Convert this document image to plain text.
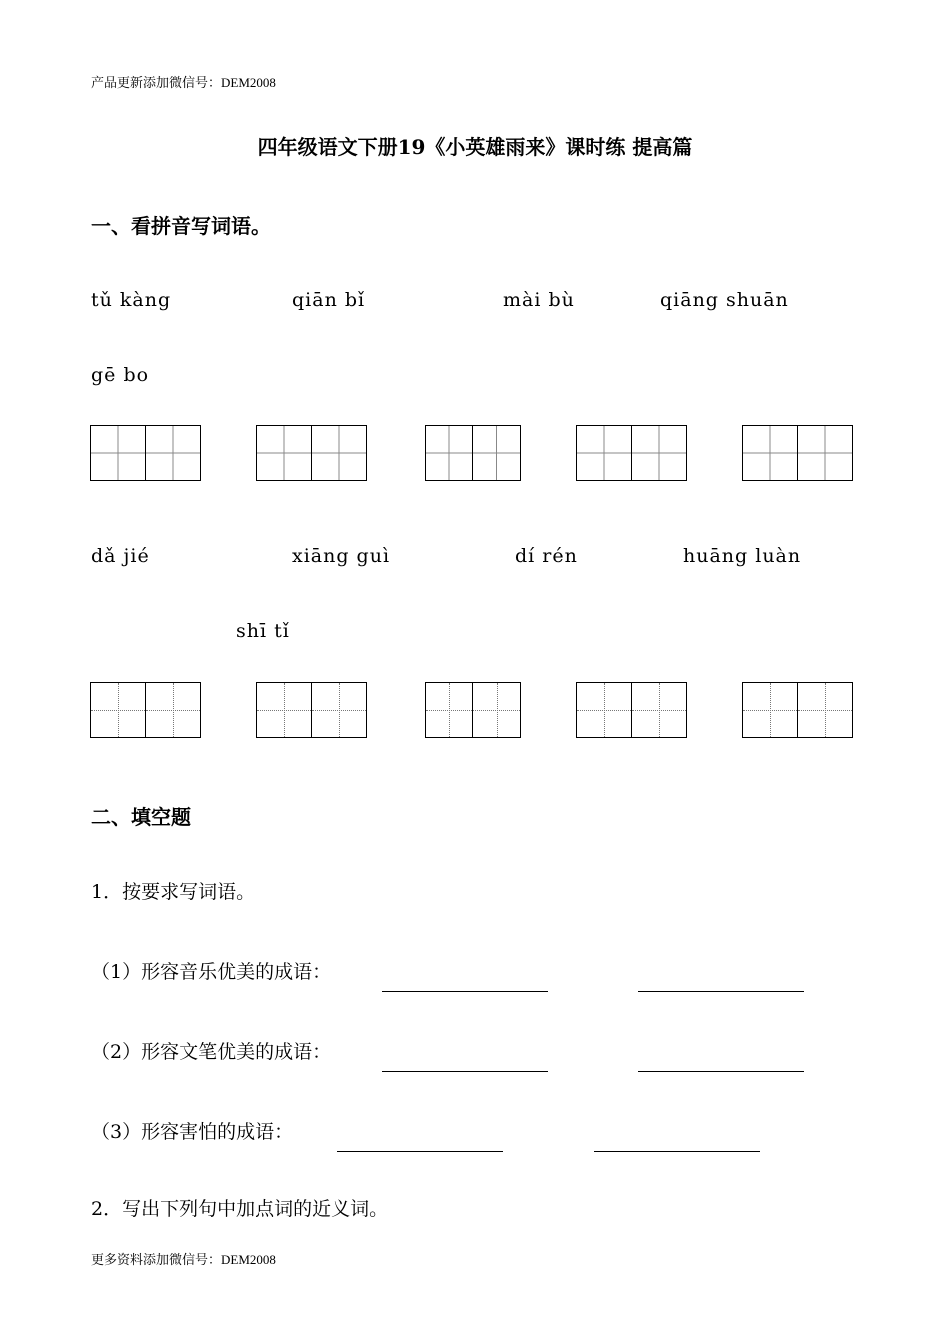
产品更新添加微信号：DEM2008
四年级语文下册19《小英雄雨来》课时练 提高篇
一、看拼音写词语。
tǔ kàng	qiān bǐ	mài bù	qiāng shuān
gē bo
dǎ jié	xiāng guì	dí rén	huāng luàn
shī tǐ
二、填空题
1．按要求写词语。
（1）形容音乐优美的成语：
（2）形容文笔优美的成语：
（3）形容害怕的成语：
2．写出下列句中加点词的近义词。
更多资料添加微信号：DEM2008
